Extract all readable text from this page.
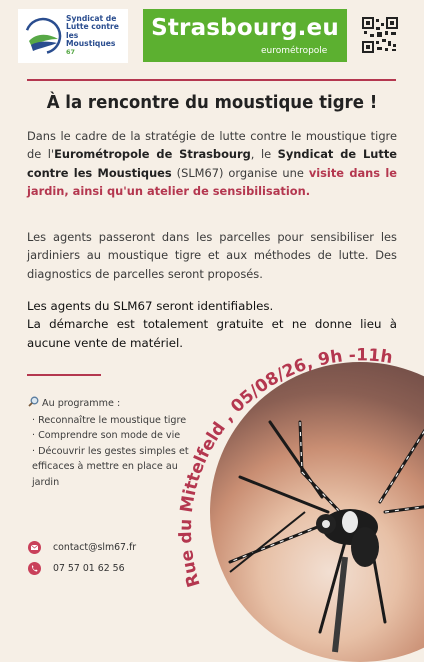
Syndicat de
Lutte contre les
Moustiques
67
Strasbourg.eu
eurométropole
À la rencontre du moustique tigre !
Dans le cadre de la stratégie de lutte contre le moustique tigre de l'Eurométropole de Strasbourg, le Syndicat de Lutte contre les Moustiques (SLM67) organise une visite dans le jardin, ainsi qu'un atelier de sensibilisation.
Les agents passeront dans les parcelles pour sensibiliser les jardiniers au moustique tigre et aux méthodes de lutte. Des diagnostics de parcelles seront proposés.
Les agents du SLM67 seront identifiables.
La démarche est totalement gratuite et ne donne lieu à aucune vente de matériel.
Au programme :
· Reconnaître le moustique tigre
· Comprendre son mode de vie
· Découvrir les gestes simples et efficaces à mettre en place au jardin
Rue du Mittelfeld , 05/08/26, 9h -11h
contact@slm67.fr
07 57 01 62 56
